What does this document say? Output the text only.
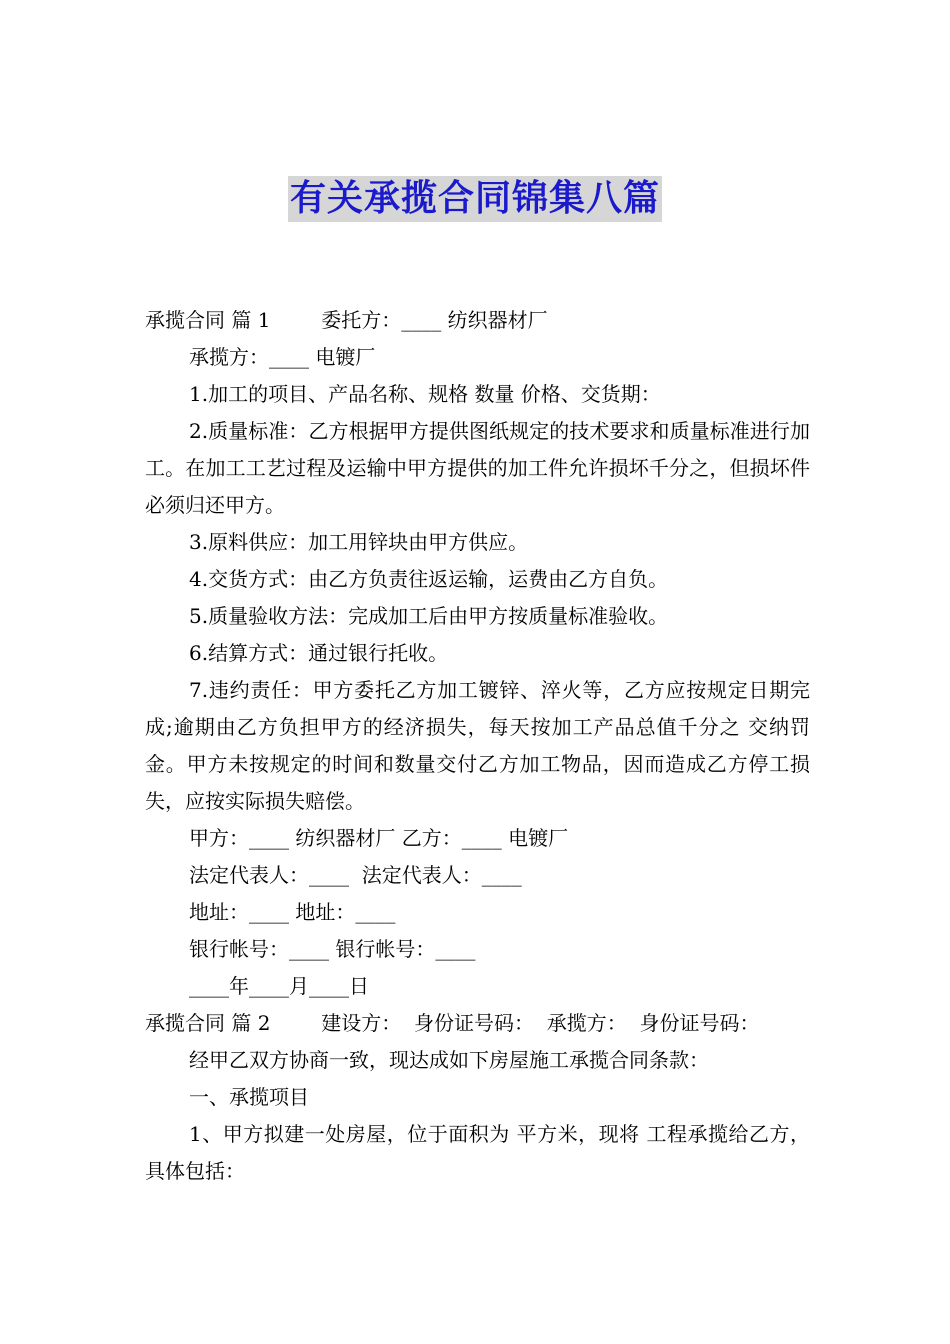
有关承揽合同锦集八篇
承揽合同 篇 1        委托方：____ 纺织器材厂
承揽方：____ 电镀厂
1.加工的项目、产品名称、规格 数量 价格、交货期：
2.质量标准：乙方根据甲方提供图纸规定的技术要求和质量标准进行加工。在加工工艺过程及运输中甲方提供的加工件允许损坏千分之，但损坏件必须归还甲方。
3.原料供应：加工用锌块由甲方供应。
4.交货方式：由乙方负责往返运输，运费由乙方自负。
5.质量验收方法：完成加工后由甲方按质量标准验收。
6.结算方式：通过银行托收。
7.违约责任：甲方委托乙方加工镀锌、淬火等，乙方应按规定日期完成;逾期由乙方负担甲方的经济损失，每天按加工产品总值千分之 交纳罚金。甲方未按规定的时间和数量交付乙方加工物品，因而造成乙方停工损失，应按实际损失赔偿。
甲方：____ 纺织器材厂 乙方：____ 电镀厂
法定代表人：____  法定代表人：____
地址：____ 地址：____
银行帐号：____ 银行帐号：____
____年____月____日
承揽合同 篇 2        建设方：  身份证号码：  承揽方：  身份证号码：
经甲乙双方协商一致，现达成如下房屋施工承揽合同条款：
一、承揽项目
1、甲方拟建一处房屋，位于面积为 平方米，现将 工程承揽给乙方，具体包括：
